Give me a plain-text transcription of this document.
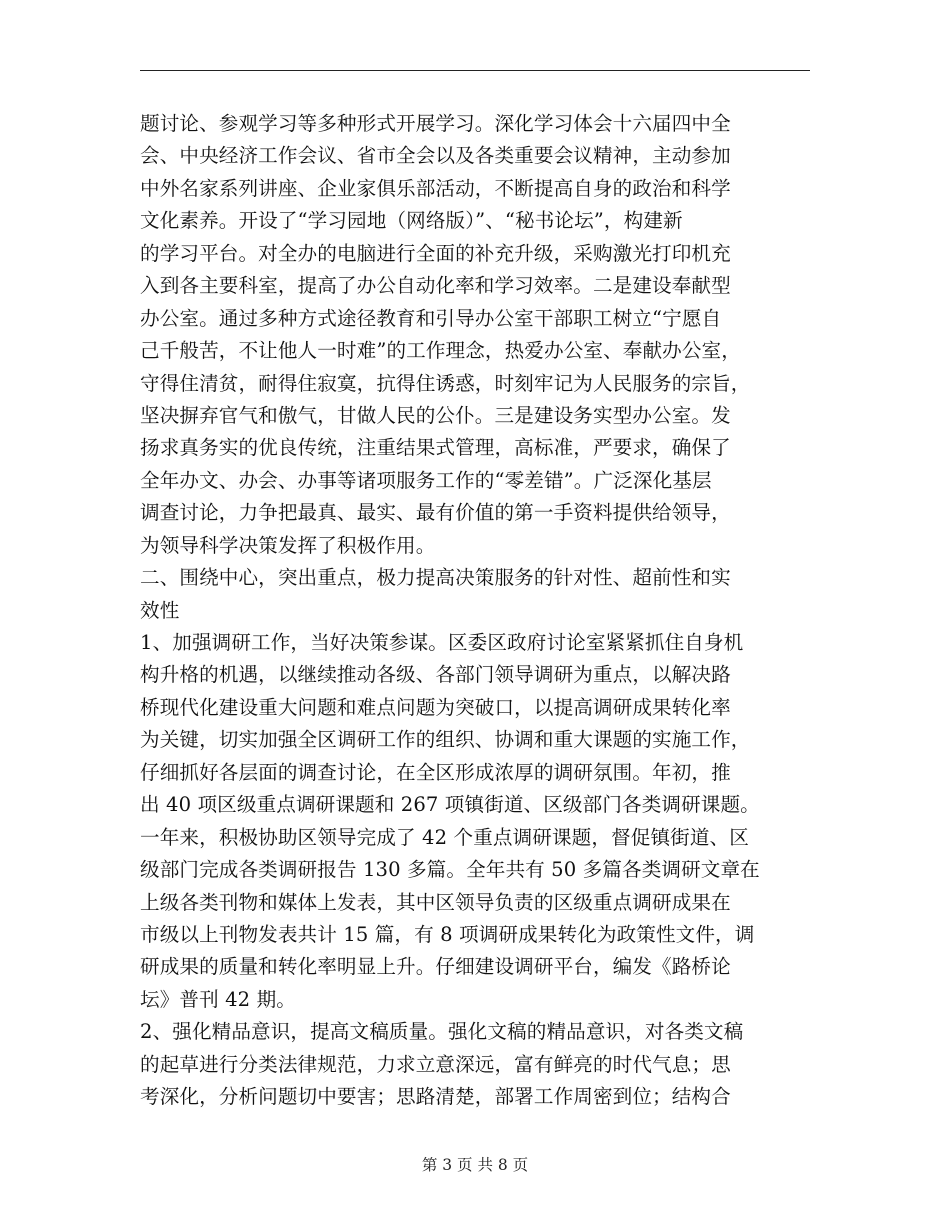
题讨论、参观学习等多种形式开展学习。深化学习体会十六届四中全
会、中央经济工作会议、省市全会以及各类重要会议精神，主动参加
中外名家系列讲座、企业家俱乐部活动，不断提高自身的政治和科学
文化素养。开设了“学习园地（网络版）”、“秘书论坛”，构建新
的学习平台。对全办的电脑进行全面的补充升级，采购激光打印机充
入到各主要科室，提高了办公自动化率和学习效率。二是建设奉献型
办公室。通过多种方式途径教育和引导办公室干部职工树立“宁愿自
己千般苦，不让他人一时难”的工作理念，热爱办公室、奉献办公室，
守得住清贫，耐得住寂寞，抗得住诱惑，时刻牢记为人民服务的宗旨，
坚决摒弃官气和傲气，甘做人民的公仆。三是建设务实型办公室。发
扬求真务实的优良传统，注重结果式管理，高标准，严要求，确保了
全年办文、办会、办事等诸项服务工作的“零差错”。广泛深化基层
调查讨论，力争把最真、最实、最有价值的第一手资料提供给领导，
为领导科学决策发挥了积极作用。
二、围绕中心，突出重点，极力提高决策服务的针对性、超前性和实
效性
1、加强调研工作，当好决策参谋。区委区政府讨论室紧紧抓住自身机
构升格的机遇，以继续推动各级、各部门领导调研为重点，以解决路
桥现代化建设重大问题和难点问题为突破口，以提高调研成果转化率
为关键，切实加强全区调研工作的组织、协调和重大课题的实施工作，
仔细抓好各层面的调查讨论，在全区形成浓厚的调研氛围。年初，推
出 40 项区级重点调研课题和 267 项镇街道、区级部门各类调研课题。
一年来，积极协助区领导完成了 42 个重点调研课题，督促镇街道、区
级部门完成各类调研报告 130 多篇。全年共有 50 多篇各类调研文章在
上级各类刊物和媒体上发表，其中区领导负责的区级重点调研成果在
市级以上刊物发表共计 15 篇，有 8 项调研成果转化为政策性文件，调
研成果的质量和转化率明显上升。仔细建设调研平台，编发《路桥论
坛》普刊 42 期。
2、强化精品意识，提高文稿质量。强化文稿的精品意识，对各类文稿
的起草进行分类法律规范，力求立意深远，富有鲜亮的时代气息；思
考深化，分析问题切中要害；思路清楚，部署工作周密到位；结构合
第 3 页 共 8 页
